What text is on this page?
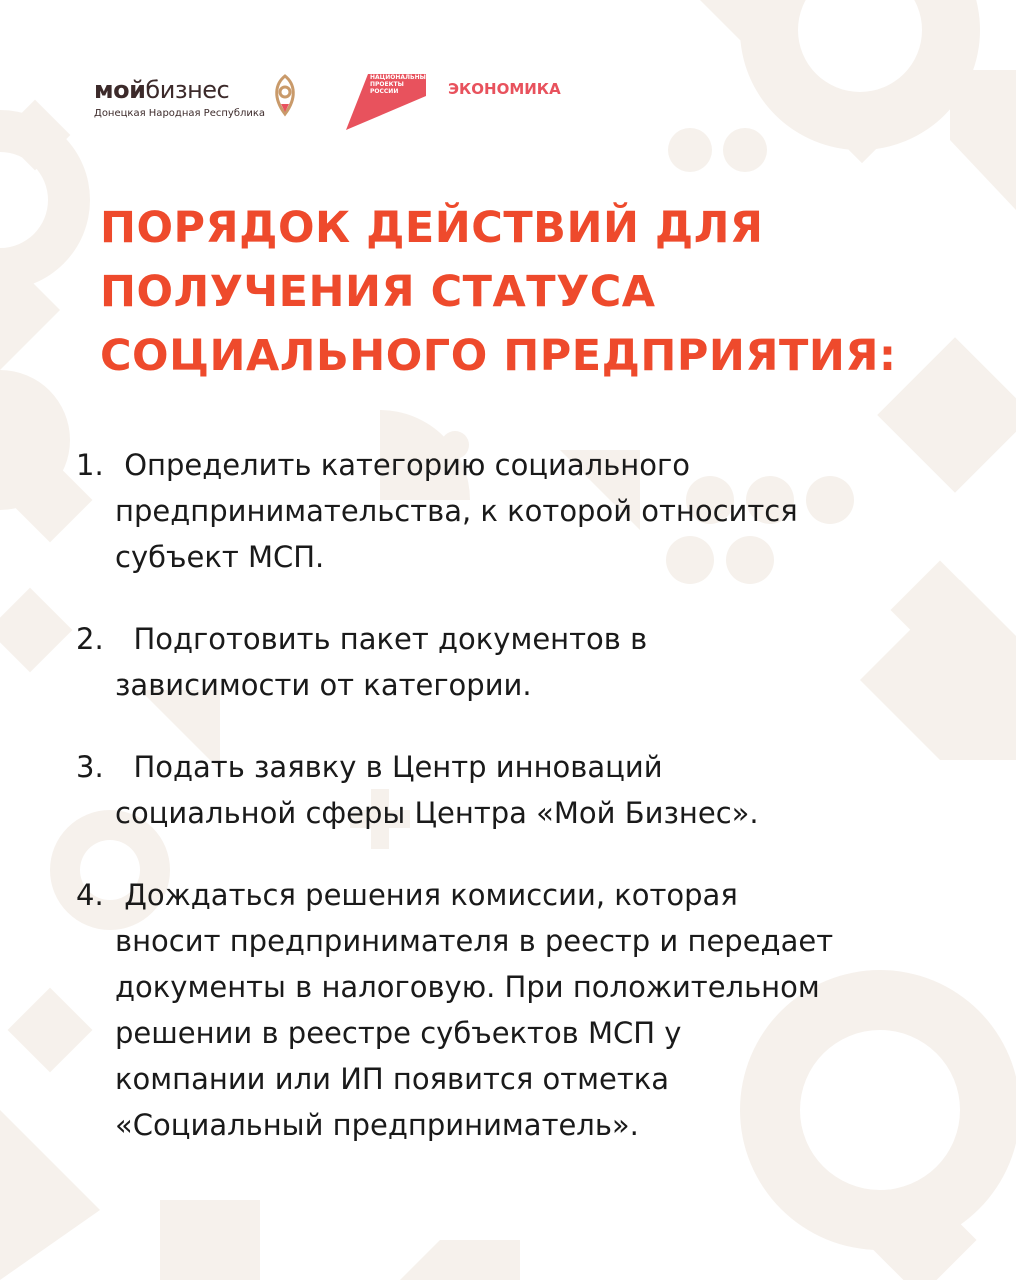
мойбизнес
Донецкая Народная Республика
НАЦИОНАЛЬНЫЕ ПРОЕКТЫ РОССИИ	ЭКОНОМИКА
ПОРЯДОК ДЕЙСТВИЙ ДЛЯ
ПОЛУЧЕНИЯ СТАТУСА
СОЦИАЛЬНОГО ПРЕДПРИЯТИЯ:
1. Определить категорию социального
предпринимательства, к которой относится
субъект МСП.
2.	Подготовить пакет документов в
зависимости от категории.
3.	Подать заявку в Центр инноваций
социальной сферы Центра «Мой Бизнес».
4. Дождаться решения комиссии, которая
вносит предпринимателя в реестр и передает
документы в налоговую. При положительном
решении в реестре субъектов МСП у
компании или ИП появится отметка
«Социальный предприниматель».
